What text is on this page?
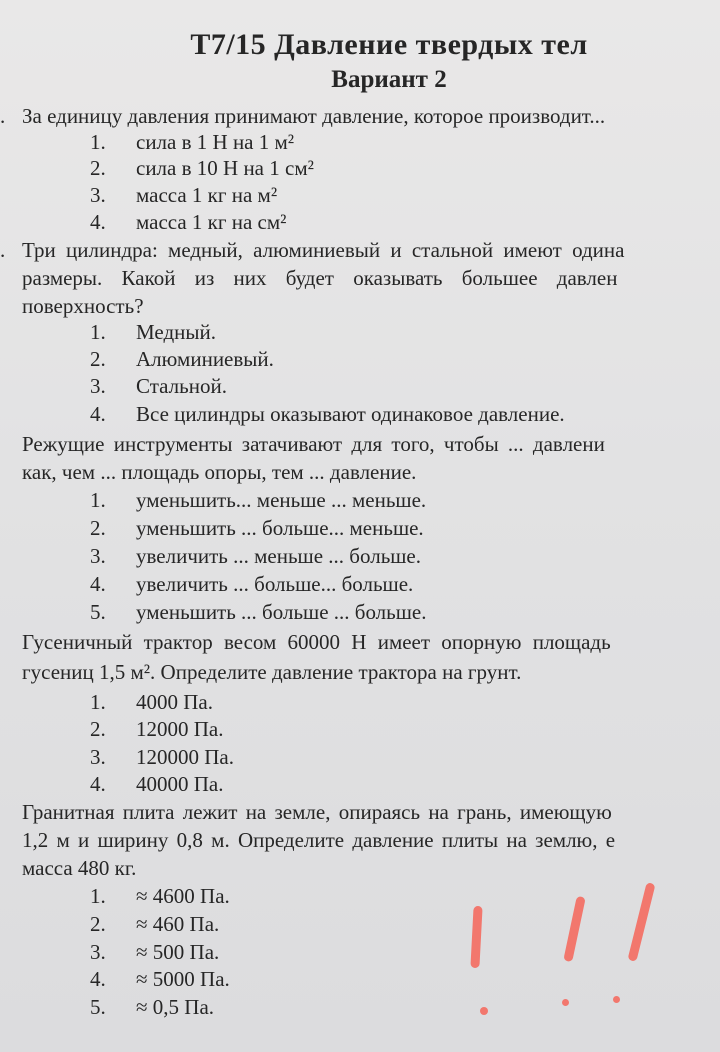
Т7/15 Давление твердых тел
Вариант 2
. За единицу давления принимают давление, которое производит...
1. сила в 1 Н на 1 м²
2. сила в 10 Н на 1 см²
3. масса 1 кг на м²
4. масса 1 кг на см²
. Три цилиндра: медный, алюминиевый и стальной имеют одина
размеры. Какой из ниx будет оказывать большее давлен
поверхность?
1. Медный.
2. Алюминиевый.
3. Стальной.
4. Все цилиндры оказывают одинаковое давление.
Режущие инструменты затачивают для того, чтобы ... давлени
как, чем ... площадь опоры, тем ... давление.
1. уменьшить... меньше ... меньше.
2. уменьшить ... больше... меньше.
3. увеличить ... меньше ... больше.
4. увеличить ... больше... больше.
5. уменьшить ... больше ... больше.
Гусеничный трактор весом 60000 Н имеет опорную площадь
гусениц 1,5 м². Определите давление трактора на грунт.
1. 4000 Па.
2. 12000 Па.
3. 120000 Па.
4. 40000 Па.
Гранитная плита лежит на земле, опираясь на грань, имеющую
1,2 м и ширину 0,8 м. Определите давление плиты на землю, е
масса 480 кг.
1. ≈ 4600 Па.
2. ≈ 460 Па.
3. ≈ 500 Па.
4. ≈ 5000 Па.
5. ≈ 0,5 Па.
